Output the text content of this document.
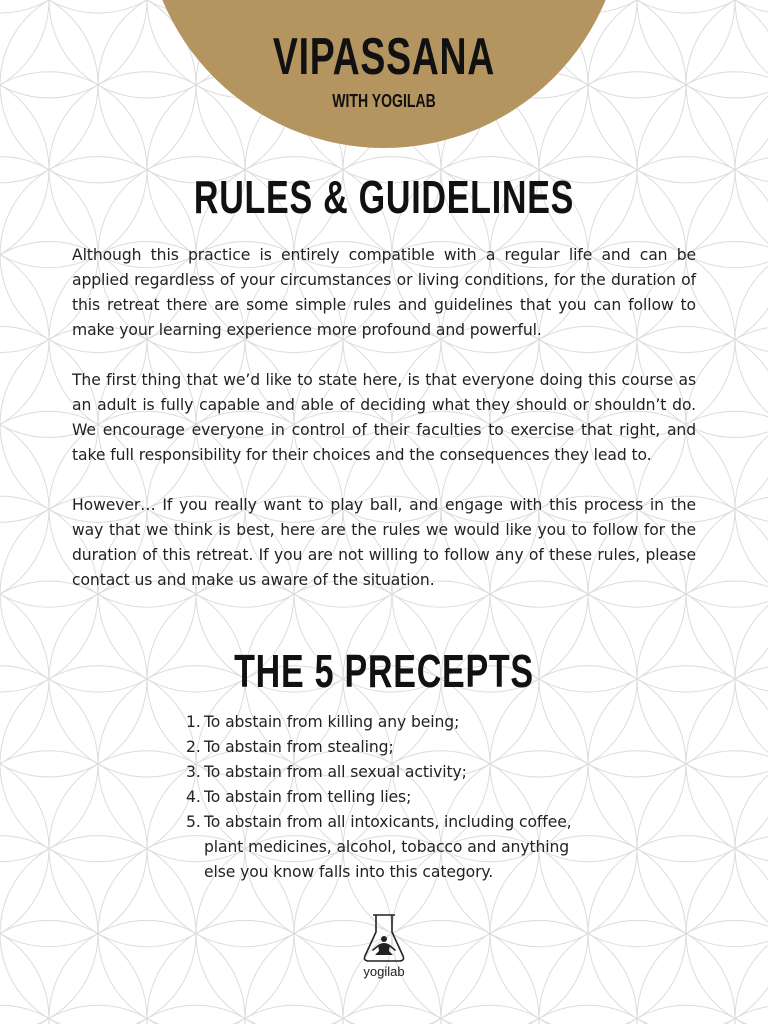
VIPASSANA
WITH YOGILAB
RULES & GUIDELINES

Although this practice is entirely compatible with a regular life and can be applied regardless of your circumstances or living conditions, for the duration of this retreat there are some simple rules and guidelines that you can follow to make your learning experience more profound and powerful.

The first thing that we’d like to state here, is that everyone doing this course as an adult is fully capable and able of deciding what they should or shouldn’t do. We encourage everyone in control of their faculties to exercise that right, and take full responsibility for their choices and the consequences they lead to.

However… If you really want to play ball, and engage with this process in the way that we think is best, here are the rules we would like you to follow for the duration of this retreat. If you are not willing to follow any of these rules, please contact us and make us aware of the situation.

THE 5 PRECEPTS
1. To abstain from killing any being;
2. To abstain from stealing;
3. To abstain from all sexual activity;
4. To abstain from telling lies;
5. To abstain from all intoxicants, including coffee, plant medicines, alcohol, tobacco and anything else you know falls into this category.
yogilab
